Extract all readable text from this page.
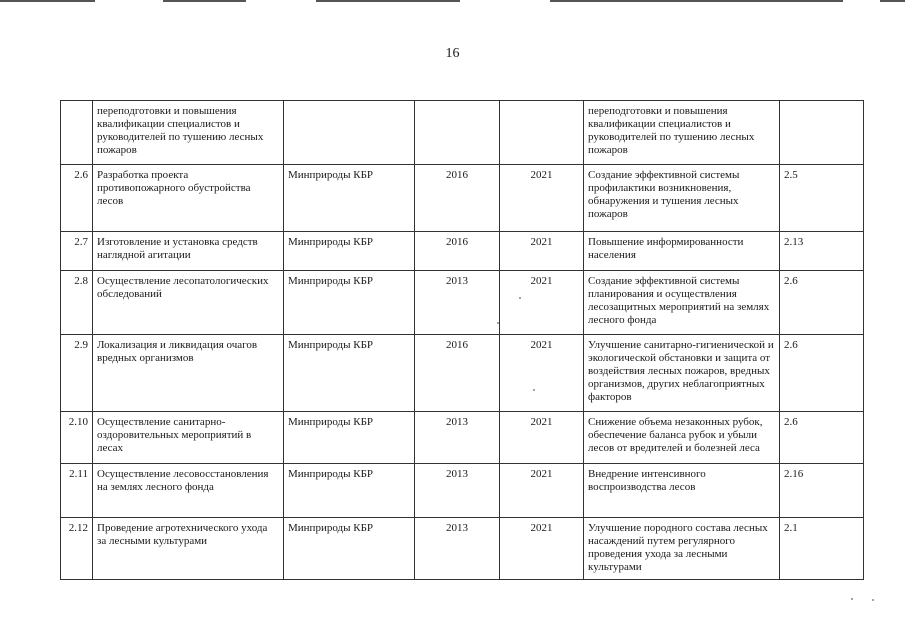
16
	переподготовки и повышения квалификации специалистов и руководителей по тушению лесных пожаров				переподготовки и повышения квалификации специалистов и руководителей по тушению лесных пожаров	
2.6	Разработка проекта противопожарного обустройства лесов	Минприроды КБР	2016	2021	Создание эффективной системы профилактики возникновения, обнаружения и тушения лесных пожаров	2.5
2.7	Изготовление и установка средств наглядной агитации	Минприроды КБР	2016	2021	Повышение информированности населения	2.13
2.8	Осуществление лесопатологических обследований	Минприроды КБР	2013	2021	Создание эффективной системы планирования и осуществления лесозащитных мероприятий на землях лесного фонда	2.6
2.9	Локализация и ликвидация очагов вредных организмов	Минприроды КБР	2016	2021	Улучшение санитарно-гигиенической и экологической обстановки и защита от воздействия лесных пожаров, вредных организмов, других неблагоприятных факторов	2.6
2.10	Осуществление санитарно-оздоровительных мероприятий в лесах	Минприроды КБР	2013	2021	Снижение объема незаконных рубок, обеспечение баланса рубок и убыли лесов от вредителей и болезней леса	2.6
2.11	Осуществление лесовосстановления на землях лесного фонда	Минприроды КБР	2013	2021	Внедрение интенсивного воспроизводства лесов	2.16
2.12	Проведение агротехнического ухода за лесными культурами	Минприроды КБР	2013	2021	Улучшение породного состава лесных насаждений путем регулярного проведения ухода за лесными культурами	2.1
